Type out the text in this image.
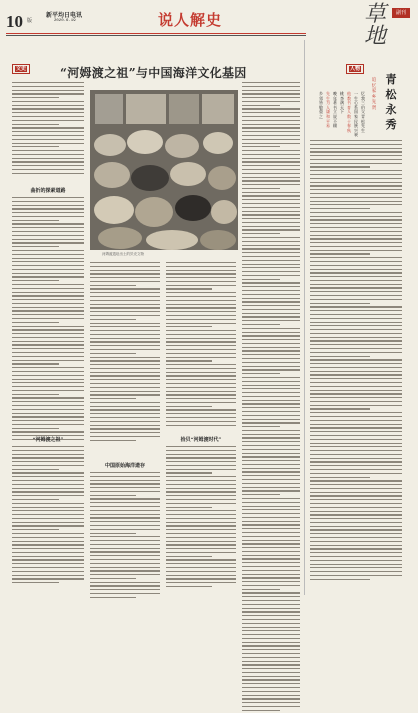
10 版
新平均日电讯
2020.6.19	说人解史	草地
副刊
文史	“河姆渡之祖”与中国海洋文化基因
河姆渡遗址出土的贝壳文物
曲折的探索道路
“河姆渡之祖”
中国原始海洋遗存
拾贝“河姆渡时代”
人物
青松永秀
追忆家乡先贤
忆我三伯父青松先生
一生心系国家民族兴衰
他教书育人数十春秋
桃李满天下
晚年著书立说不辍
先生为人谦和平易
乡邻皆敬重之
